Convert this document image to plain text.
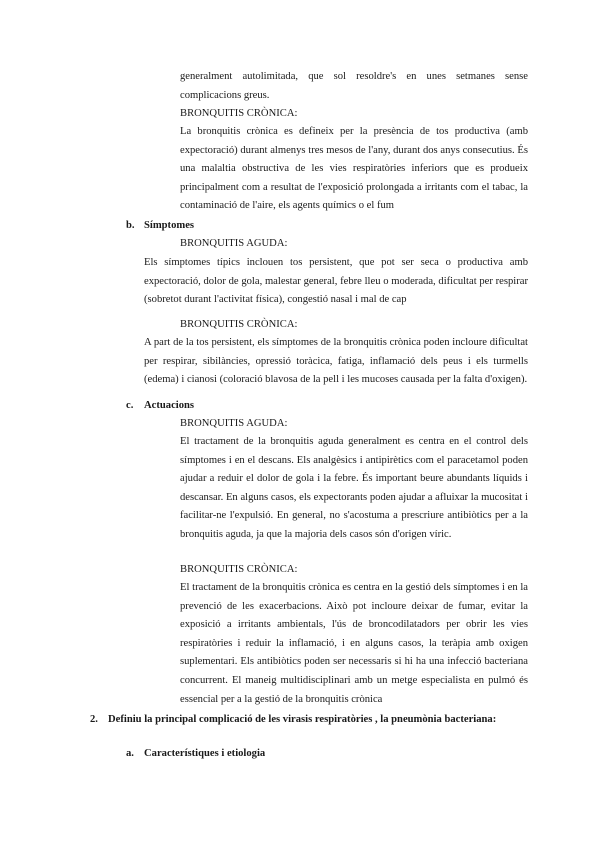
generalment autolimitada, que sol resoldre's en unes setmanes sense complicacions greus.
BRONQUITIS CRÒNICA:
La bronquitis crònica es defineix per la presència de tos productiva (amb expectoració) durant almenys tres mesos de l'any, durant dos anys consecutius. És una malaltia obstructiva de les vies respiratòries inferiors que es produeix principalment com a resultat de l'exposició prolongada a irritants com el tabac, la contaminació de l'aire, els agents químics o el fum
b. Símptomes
BRONQUITIS AGUDA:
Els símptomes típics inclouen tos persistent, que pot ser seca o productiva amb expectoració, dolor de gola, malestar general, febre lleu o moderada, dificultat per respirar (sobretot durant l'activitat física), congestió nasal i mal de cap
BRONQUITIS CRÒNICA:
A part de la tos persistent, els símptomes de la bronquitis crònica poden incloure dificultat per respirar, sibilàncies, opressió toràcica, fatiga, inflamació dels peus i els turmells (edema) i cianosi (coloració blavosa de la pell i les mucoses causada per la falta d'oxigen).
c. Actuacions
BRONQUITIS AGUDA:
El tractament de la bronquitis aguda generalment es centra en el control dels símptomes i en el descans. Els analgèsics i antipirètics com el paracetamol poden ajudar a reduir el dolor de gola i la febre. És important beure abundants líquids i descansar. En alguns casos, els expectorants poden ajudar a afluixar la mucositat i facilitar-ne l'expulsió. En general, no s'acostuma a prescriure antibiòtics per a la bronquitis aguda, ja que la majoria dels casos són d'origen víric.
BRONQUITIS CRÒNICA:
El tractament de la bronquitis crònica es centra en la gestió dels símptomes i en la prevenció de les exacerbacions. Això pot incloure deixar de fumar, evitar la exposició a irritants ambientals, l'ús de broncodilatadors per obrir les vies respiratòries i reduir la inflamació, i en alguns casos, la teràpia amb oxigen suplementari. Els antibiòtics poden ser necessaris si hi ha una infecció bacteriana concurrent. El maneig multidisciplinari amb un metge especialista en pulmó és essencial per a la gestió de la bronquitis crònica
2. Definiu la principal complicació de les virasis respiratòries , la pneumònia bacteriana:
a. Característiques i etiologia
